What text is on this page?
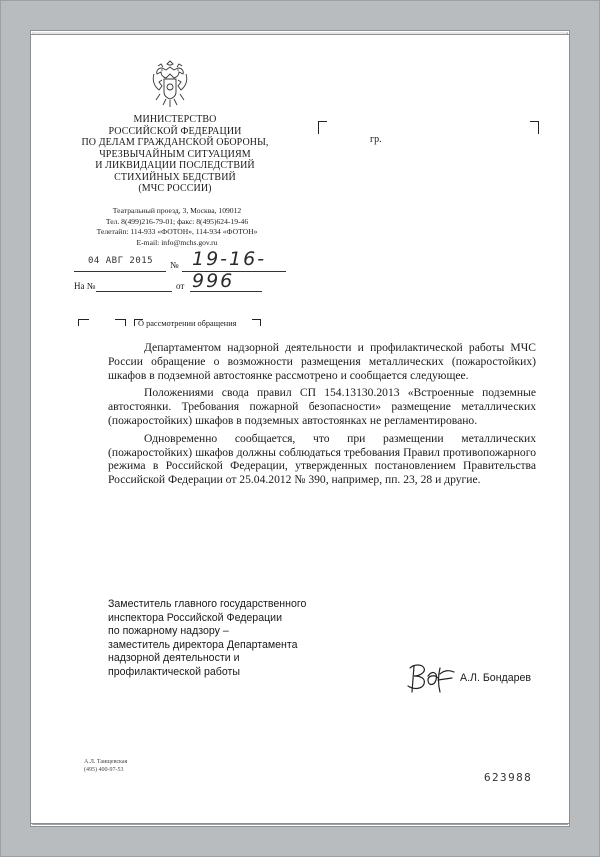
МИНИСТЕРСТВО
РОССИЙСКОЙ ФЕДЕРАЦИИ
ПО ДЕЛАМ ГРАЖДАНСКОЙ ОБОРОНЫ,
ЧРЕЗВЫЧАЙНЫМ СИТУАЦИЯМ
И ЛИКВИДАЦИИ ПОСЛЕДСТВИЙ
СТИХИЙНЫХ БЕДСТВИЙ
(МЧС РОССИИ)
Театральный проезд, 3, Москва, 109012
Тел. 8(499)216-79-01; факс: 8(495)624-19-46
Телетайп: 114-933 «ФОТОН», 114-934 «ФОТОН»
E-mail: info@mchs.gov.ru
04 АВГ 2015 № 19-16-996
На №	от
гр.
О рассмотрении обращения

Департаментом надзорной деятельности и профилактической работы МЧС России обращение о возможности размещения металлических (пожаростойких) шкафов в подземной автостоянке рассмотрено и сообщается следующее.

Положениями свода правил СП 154.13130.2013 «Встроенные подземные автостоянки. Требования пожарной безопасности» размещение металлических (пожаростойких) шкафов в подземных автостоянках не регламентировано.

Одновременно сообщается, что при размещении металлических (пожаростойких) шкафов должны соблюдаться требования Правил противопожарного режима в Российской Федерации, утвержденных постановлением Правительства Российской Федерации от 25.04.2012 № 390, например, пп. 23, 28 и другие.

Заместитель главного государственного
инспектора Российской Федерации
по пожарному надзору –
заместитель директора Департамента
надзорной деятельности и
профилактической работы
А.Л. Бондарев
А.Л. Таищевская
(495) 400-97-53
623988
